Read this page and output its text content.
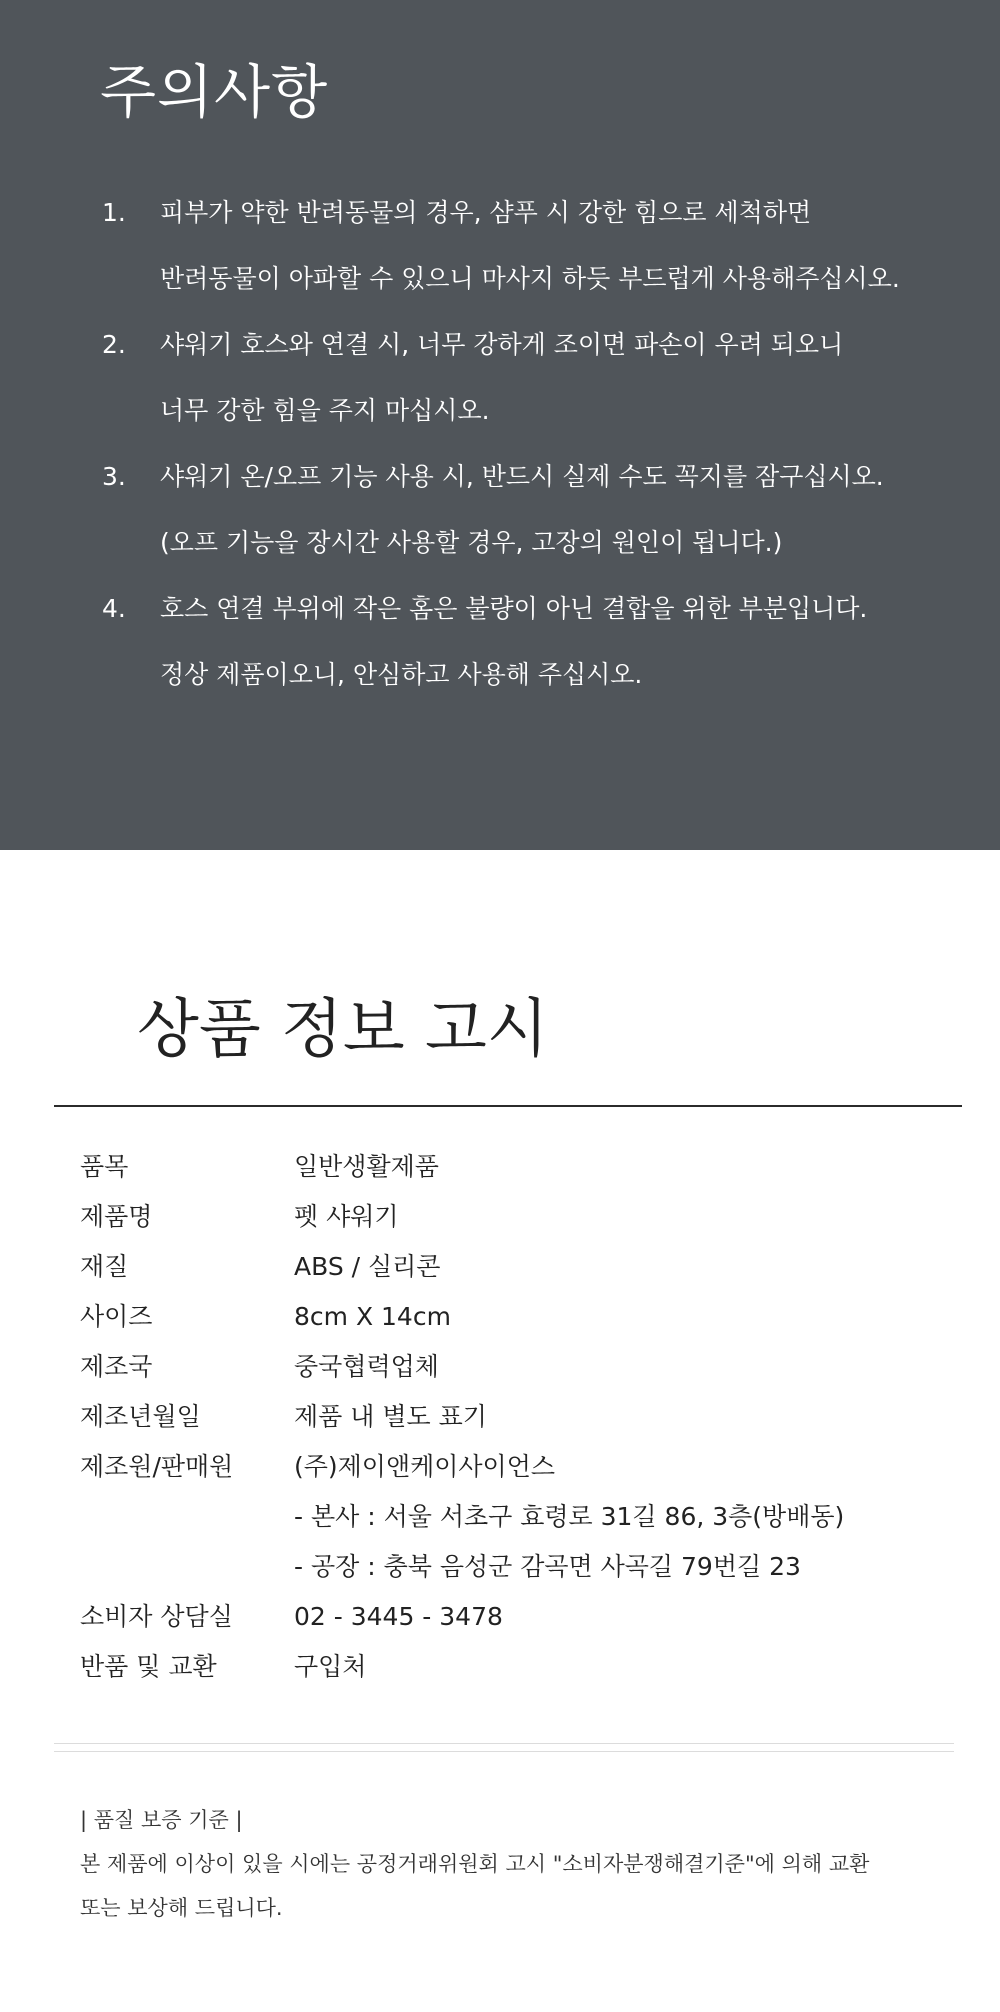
주의사항
1. 피부가 약한 반려동물의 경우, 샴푸 시 강한 힘으로 세척하면
반려동물이 아파할 수 있으니 마사지 하듯 부드럽게 사용해주십시오.
2. 샤워기 호스와 연결 시, 너무 강하게 조이면 파손이 우려 되오니
너무 강한 힘을 주지 마십시오.
3. 샤워기 온/오프 기능 사용 시, 반드시 실제 수도 꼭지를 잠구십시오.
(오프 기능을 장시간 사용할 경우, 고장의 원인이 됩니다.)
4. 호스 연결 부위에 작은 홈은 불량이 아닌 결합을 위한 부분입니다.
정상 제품이오니, 안심하고 사용해 주십시오.
상품 정보 고시
품목	일반생활제품
제품명	펫 샤워기
재질	ABS / 실리콘
사이즈	8cm X 14cm
제조국	중국협력업체
제조년월일	제품 내 별도 표기
제조원/판매원 (주)제이앤케이사이언스
- 본사 : 서울 서초구 효령로 31길 86, 3층(방배동)
- 공장 : 충북 음성군 감곡면 사곡길 79번길 23
소비자 상담실 02 - 3445 - 3478
반품 및 교환	구입처
| 품질 보증 기준 |
본 제품에 이상이 있을 시에는 공정거래위원회 고시 "소비자분쟁해결기준"에 의해 교환
또는 보상해 드립니다.
